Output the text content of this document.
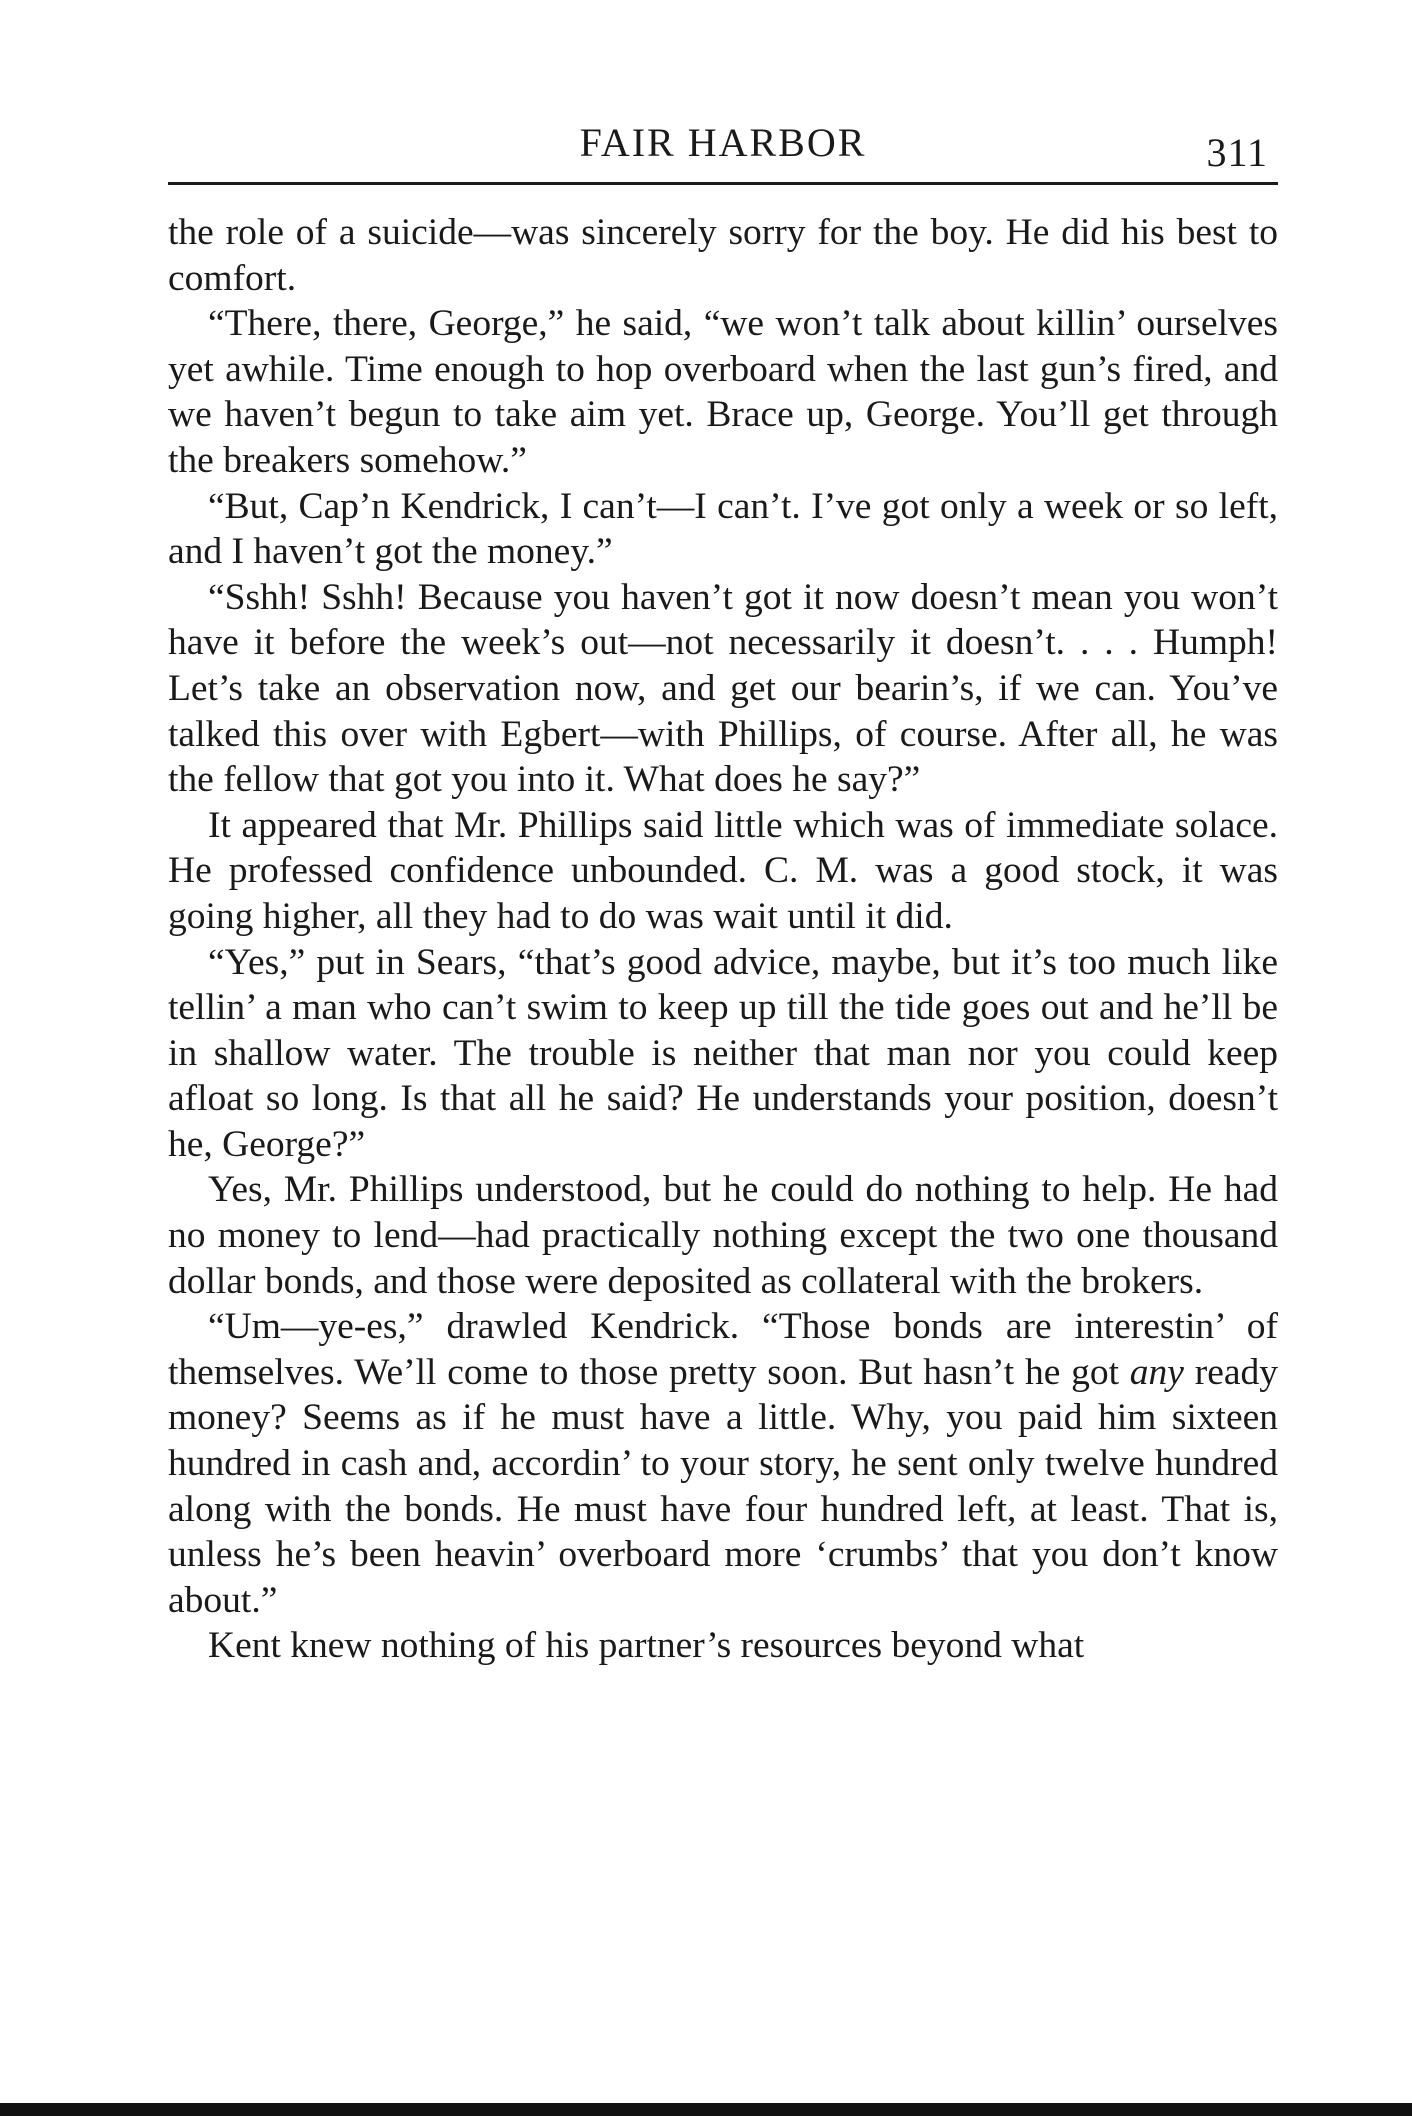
FAIR HARBOR	311

the role of a suicide—was sincerely sorry for the boy. He did his best to comfort.

“There, there, George,” he said, “we won’t talk about killin’ ourselves yet awhile. Time enough to hop overboard when the last gun’s fired, and we haven’t begun to take aim yet. Brace up, George. You’ll get through the breakers somehow.”

“But, Cap’n Kendrick, I can’t—I can’t. I’ve got only a week or so left, and I haven’t got the money.”

“Sshh! Sshh! Because you haven’t got it now doesn’t mean you won’t have it before the week’s out—not necessarily it doesn’t. . . . Humph! Let’s take an observation now, and get our bearin’s, if we can. You’ve talked this over with Egbert—with Phillips, of course. After all, he was the fellow that got you into it. What does he say?”

It appeared that Mr. Phillips said little which was of immediate solace. He professed confidence unbounded. C. M. was a good stock, it was going higher, all they had to do was wait until it did.

“Yes,” put in Sears, “that’s good advice, maybe, but it’s too much like tellin’ a man who can’t swim to keep up till the tide goes out and he’ll be in shallow water. The trouble is neither that man nor you could keep afloat so long. Is that all he said? He understands your position, doesn’t he, George?”

Yes, Mr. Phillips understood, but he could do nothing to help. He had no money to lend—had practically nothing except the two one thousand dollar bonds, and those were deposited as collateral with the brokers.

“Um—ye-es,” drawled Kendrick. “Those bonds are interestin’ of themselves. We’ll come to those pretty soon. But hasn’t he got any ready money? Seems as if he must have a little. Why, you paid him sixteen hundred in cash and, accordin’ to your story, he sent only twelve hundred along with the bonds. He must have four hundred left, at least. That is, unless he’s been heavin’ overboard more ‘crumbs’ that you don’t know about.”

Kent knew nothing of his partner’s resources beyond what
